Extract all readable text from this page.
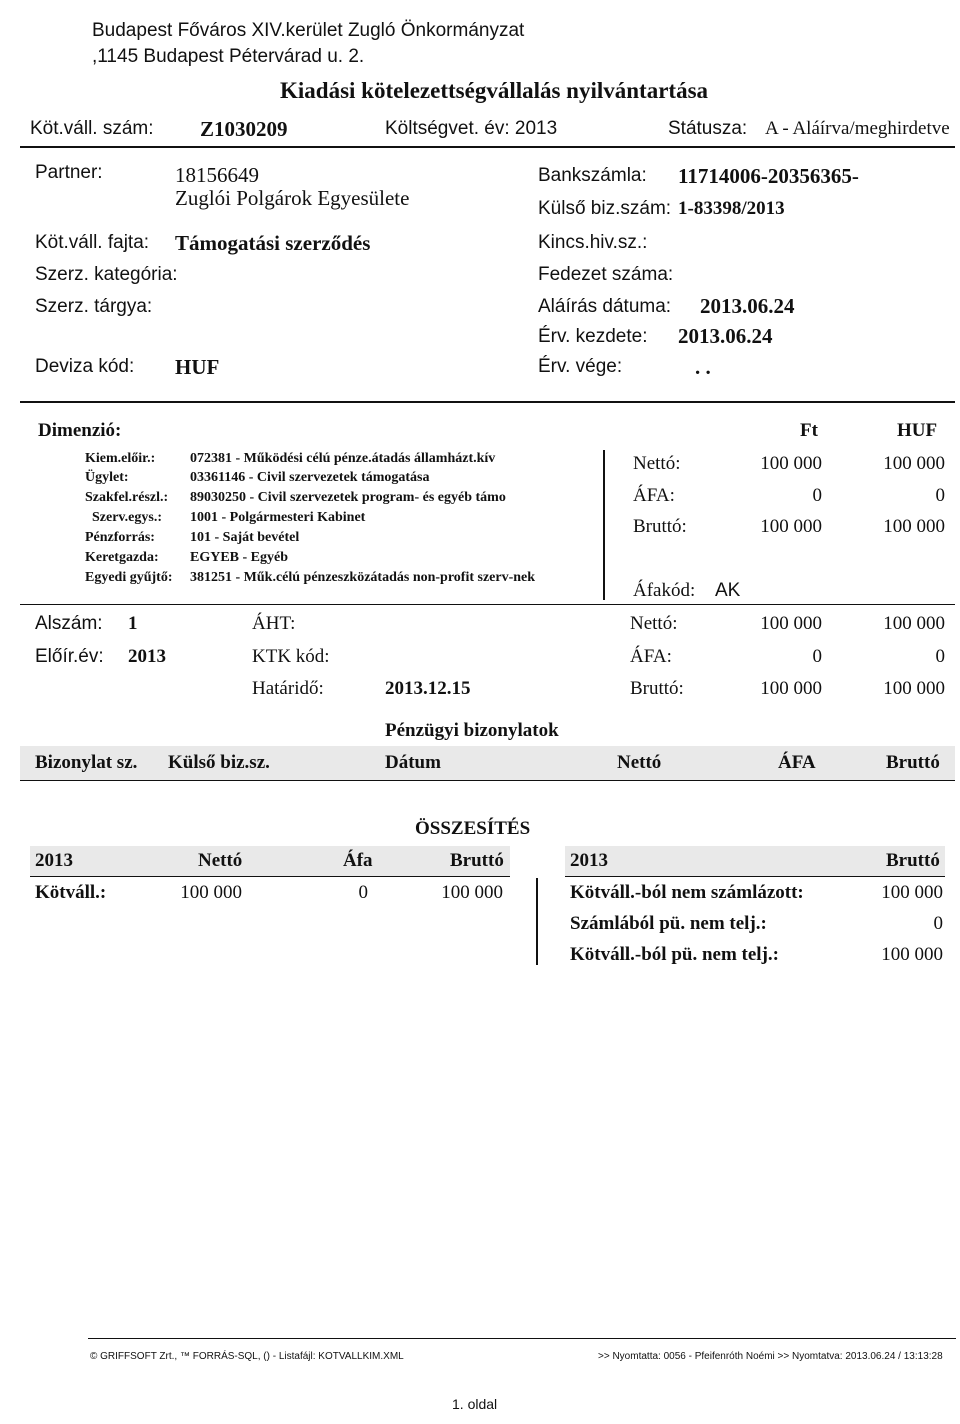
Budapest Főváros XIV.kerület Zugló Önkormányzat
,1145 Budapest Pétervárad u. 2.
Kiadási kötelezettségvállalás nyilvántartása
Köt.váll. szám: Z1030209	Költségvet. év: 2013	Státusza: A - Aláírva/meghirdetve
Partner:	18156649
Zuglói Polgárok Egyesülete
Bankszámla: 11714006-20356365-
Külső biz.szám: 1-83398/2013
Köt.váll. fajta: Támogatási szerződés	Kincs.hiv.sz.:
Szerz. kategória:	Fedezet száma:
Szerz. tárgya:	Aláírás dátuma: 2013.06.24
Érv. kezdete: 2013.06.24
Deviza kód: HUF	Érv. vége:	. .
Dimenzió:	Ft	HUF
Kiem.előir.: 072381 - Működési célú pénze.átadás államházt.kív
Ügylet:	03361146 - Civil szervezetek támogatása
Szakfel.részl.: 89030250 - Civil szervezetek program- és egyéb támo
Szerv.egys.: 1001 - Polgármesteri Kabinet
Pénzforrás:	101 - Saját bevétel
Keretgazda: EGYEB - Egyéb
Egyedi gyűjtő: 381251 - Műk.célú pénzeszközátadás non-profit szerv-nek
Nettó:	100 000	100 000
ÁFA:	0	0
Bruttó:	100 000	100 000
Áfakód: AK
Alszám: 1	ÁHT:
Előír.év: 2013	KTK kód:
Határidő:	2013.12.15
Nettó:	100 000	100 000
ÁFA:	0	0
Bruttó:	100 000	100 000
Pénzügyi bizonylatok
Bizonylat sz. Külső biz.sz.	Dátum	Nettó	ÁFA	Bruttó
ÖSSZESÍTÉS
2013	Nettó	Áfa	Bruttó
Kötváll.:	100 000	0	100 000
2013	Bruttó
Kötváll.-ból nem számlázott:	100 000
Számlából pü. nem telj.:	0
Kötváll.-ból pü. nem telj.:	100 000
© GRIFFSOFT Zrt., ™ FORRÁS-SQL, () - Listafájl: KOTVALLKIM.XML	>> Nyomtatta: 0056 - Pfeifenróth Noémi >> Nyomtatva: 2013.06.24 / 13:13:28
1. oldal
